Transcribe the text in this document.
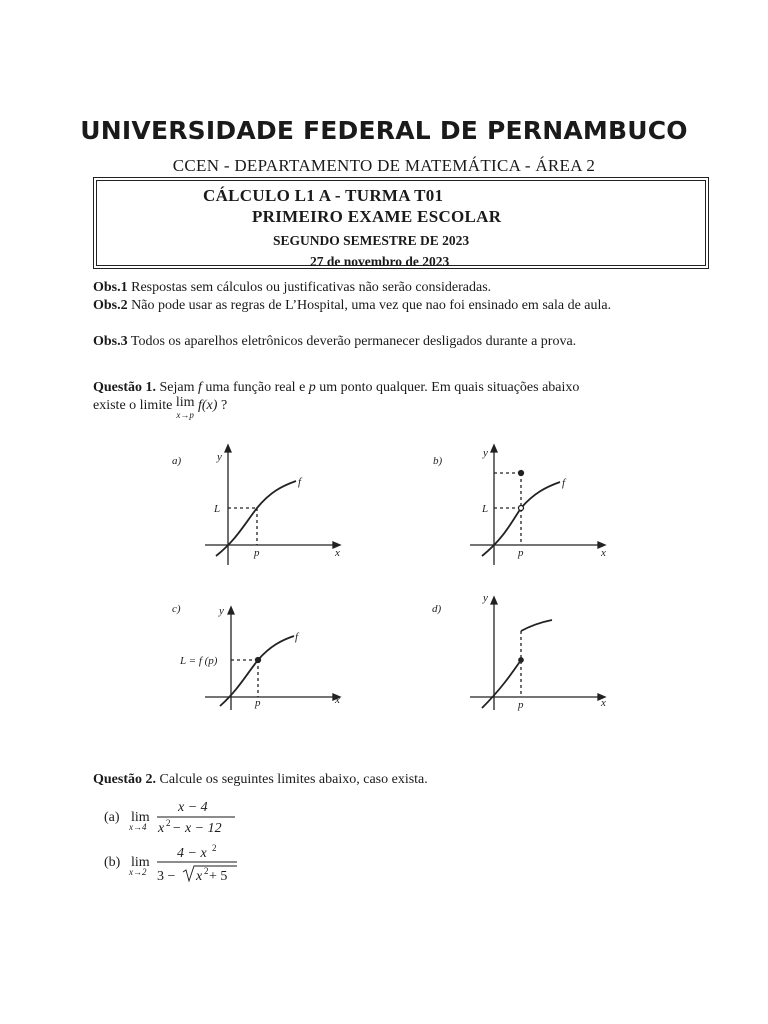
UNIVERSIDADE FEDERAL DE PERNAMBUCO
CCEN - DEPARTAMENTO DE MATEMÁTICA - ÁREA 2
CÁLCULO L1 A - TURMA T01
PRIMEIRO EXAME ESCOLAR
SEGUNDO SEMESTRE DE 2023
27 de novembro de 2023
Obs.1 Respostas sem cálculos ou justificativas não serão consideradas.
Obs.2 Não pode usar as regras de L’Hospital, uma vez que nao foi ensinado em sala de aula.
Obs.3 Todos os aparelhos eletrônicos deverão permanecer desligados durante a prova.
Questão 1. Sejam f uma função real e p um ponto qualquer. Em quais situações abaixo
existe o limite lim
x→p
f(x) ?
a)	y
x
L
p
f
b)
y
x
L
p
f
c)	y
x
L = f (p)
p
f
d)
y
x
p
Questão 2. Calcule os seguintes limites abaixo, caso exista.
(a) lim
x→4
x − 4
x 2 − x − 12
(b) lim
x→2
4 − x 2
3 − x 2 + 5
